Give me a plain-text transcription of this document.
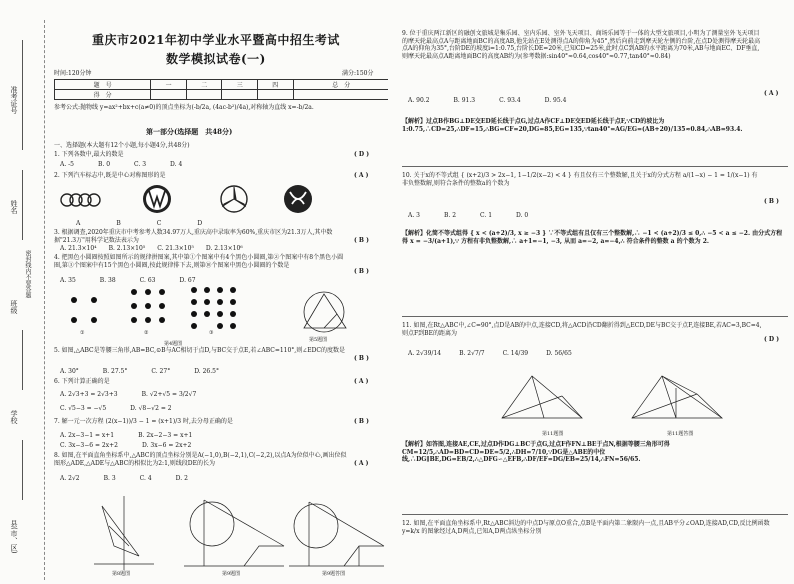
准考证号
姓名
班级
密封线内不要答题
学校
县(市、区)
重庆市2021年初中学业水平暨高中招生考试
数学模拟试卷(一)
时间:120分钟	满分:150分
题　号	一	二	三	四	总　分
得　分					
参考公式:抛物线 y=ax²+bx+c(a≠0)的顶点坐标为(-b/2a, (4ac-b²)/4a),对称轴为直线 x=-b/2a.
第一部分(选择题　共48分)
一、选择题(本大题有12个小题,每小题4分,共48分)
1. 下列各数中,最大的数是	( D )
A. -5　　　　B. 0　　　　C. 3　　　　D. 4
2. 下列汽车标志中,既是中心对称图形的是	( A )
A　　　　　　B　　　　　　C　　　　　　D
3. 根据调查,2020年重庆市中考参考人数34.97万人,重庆高中录取率为60%,重庆市区为21.3万人,其中数据"21.3万"用科学记数法表示为	( B )
A. 21.3×10⁴　　B. 2.13×10⁵　　C. 21.3×10⁵　　D. 2.13×10⁶
4. 把黑色小圆圈按照如图所示的规律拼图案,其中第①个图案中有4个黑色小圆圈,第②个图案中有8个黑色小圆圈,第③个图案中有15个黑色小圆圈,按此规律排下去,则第⑩个图案中黑色小圆圈的个数是
( B )
A. 35　　　　B. 38　　　　C. 63　　　　D. 67
①	②	③
第4题图
第5题图
5. 如图,△ABC是等腰三角形,AB=BC,⊙B与AC相切于点D,与BC交于点E,若∠ABC=110°,则∠EDC的度数是
( B )
A. 30°　　　　B. 27.5°　　　　C. 27°　　　　D. 26.5°
6. 下列计算正确的是	( A )
A. 2√3+3 = 2√3+3　　　　B. √2+√5 = 3/2√7
C. √5−3 = −√5　　　　D. √8−√2 = 2
7. 解一元一次方程 (2(x−1))/3 − 1 = (x+1)/3 时,去分母正确的是	( B )
A. 2x−3−1 = x+1　　　　B. 2x−2−3 = x+1
C. 3x−3−6 = 2x+2　　　　D. 3x−6 = 2x+2
8. 如图,在平面直角坐标系中,△ABC的顶点坐标分别是A(−1,0),B(−2,1),C(−2,2),以点A为位似中心,画出位似图形△ADE,△ADE与△ABC的相似比为2:1,则线段DE的长为	( A )
A. 2√2　　　　B. 3　　　　C. 4　　　　D. 2
第8题图	第9题图	第9题答图
9. 位于重庆两江新区的融创文旅城是集乐园、室内乐园、室外飞天项目、商场乐园等于一体的大型文旅项目,小明为了测量室外飞天项目的摩天轮最高点A与距离地面BC的高度AB,他先站在E处测得点A的仰角为45°,然后向前走到摩天轮左侧的台阶,在点D处测得摩天轮最高点A的仰角为35°,台阶DE的坡度i=1:0.75,台阶长DE=20米,已知CD=25米,此时点C到AB的水平距离为70米,AB与地面EC、DF垂直,则摩天轮最高点A距离地面BC的高度AB约为(参考数据:sin40°≈0.64,cos40°≈0.77,tan40°≈0.84)
( A )
A. 90.2　　　　B. 91.3　　　　C. 93.4　　　　D. 95.4
【解析】过点B作BG⊥DE交ED延长线于点G,过点A作CF⊥DE交ED延长线于点F,∵CD的坡比为1:0.75,∴CD=25,∴DF=15,∴BG=CF=20,DG=85,EG=135,∵tan40°=AG/EG=(AB+20)/135≈0.84,∴AB=93.4.
10. 关于x的不等式组 { (x+2)/3 > 2x−1, 1−1/2(x−2) < 4 } 有且仅有三个整数解,且关于x的分式方程 a/(1−x) − 1 = 1/(x−1) 有非负整数解,则符合条件的整数a的个数为
( B )
A. 3　　　　B. 2　　　　C. 1　　　　D. 0
【解析】化简不等式组得 { x < (a+2)/3, x ≥ −3 } ∵不等式组有且仅有三个整数解,∴ −1 < (a+2)/3 ≤ 0,∴ −5 < a ≤ −2. 由分式方程得 x = −3/(a+1),∵ 方程有非负整数解,∴ a+1=−1, −3, 从而 a=−2, a=−4,∴ 符合条件的整数 a 的个数为 2.
11. 如图,在Rt△ABC中,∠C=90°,点D是AB的中点,连接CD,将△ACD沿CD翻折得到△ECD,DE与BC交于点F,连接BE,若AC=3,BC=4,则点F到BE的距离为
( D )
A. 2√39/14　　　B. 2√7/7　　　C. 14/39　　　D. 56/65
第11题图	第11题答图
【解析】如答图,连接AE,CE,过点D作DG⊥BC于点G,过点F作FN⊥BE于点N,根据等腰三角形可得 CM=12/5,∴AD=BD=CD=DE=5/2,∴DH=7/10,∵DG是△ABE的中位线,∴DG∥BE,DG=EB/2,∴△DFG∽△EFB,∴DF/EF=DG/EB=25/14,∴FN=56/65.
12. 如图,在平面直角坐标系中,Rt△ABC斜边的中点D与原点O重合,点B是平面内第二象限内一点,且AB平分∠OAD,连接AD,CD,反比例函数 y=k/x 的图象经过A,D两点,已知A,D两点纵坐标分别
